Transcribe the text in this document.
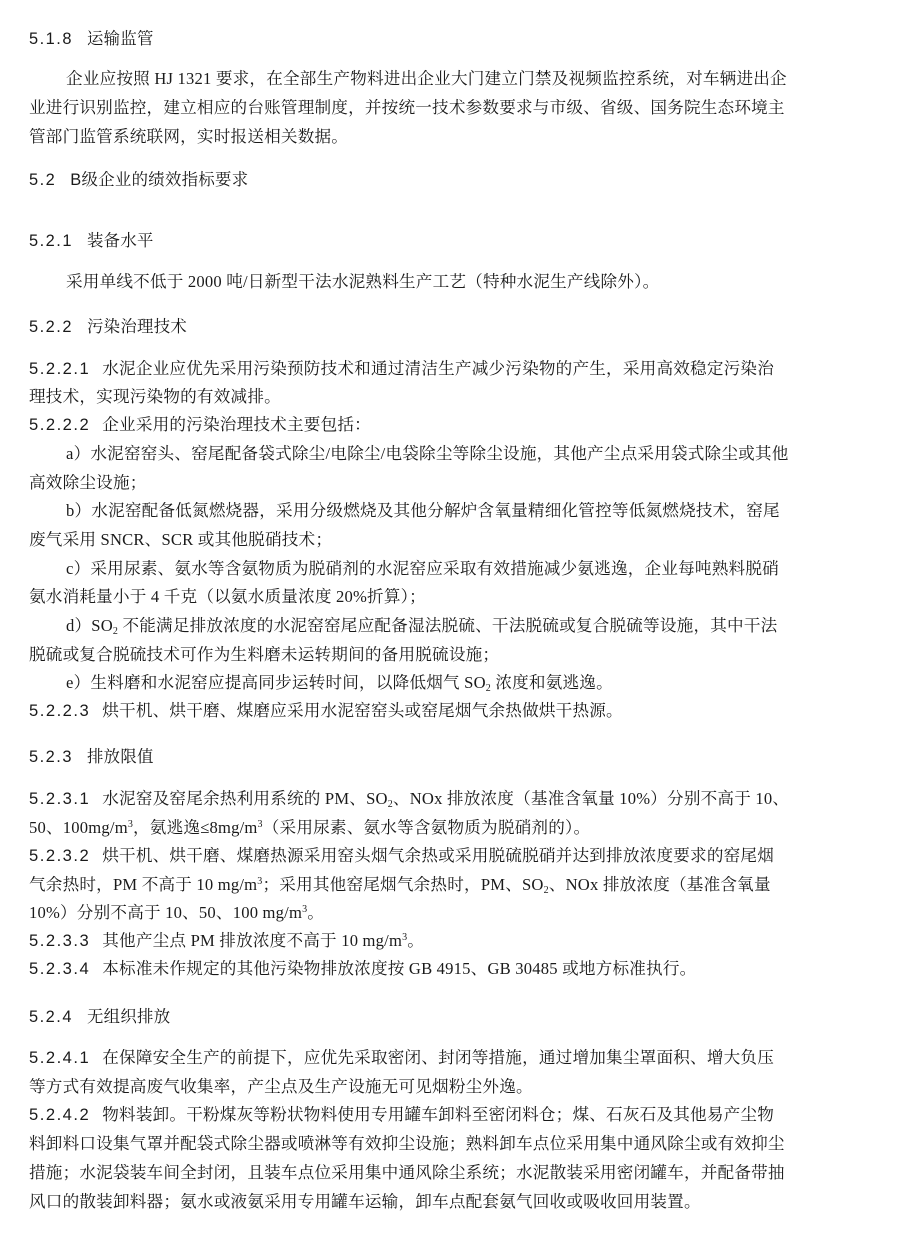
5.1.8 运输监管
企业应按照 HJ 1321 要求，在全部生产物料进出企业大门建立门禁及视频监控系统，对车辆进出企
业进行识别监控，建立相应的台账管理制度，并按统一技术参数要求与市级、省级、国务院生态环境主
管部门监管系统联网，实时报送相关数据。
5.2 B级企业的绩效指标要求
5.2.1 装备水平
采用单线不低于 2000 吨/日新型干法水泥熟料生产工艺（特种水泥生产线除外）。
5.2.2 污染治理技术
5.2.2.1 水泥企业应优先采用污染预防技术和通过清洁生产减少污染物的产生，采用高效稳定污染治
理技术，实现污染物的有效减排。
5.2.2.2 企业采用的污染治理技术主要包括：
a）水泥窑窑头、窑尾配备袋式除尘/电除尘/电袋除尘等除尘设施，其他产尘点采用袋式除尘或其他
高效除尘设施；
b）水泥窑配备低氮燃烧器，采用分级燃烧及其他分解炉含氧量精细化管控等低氮燃烧技术，窑尾
废气采用 SNCR、SCR 或其他脱硝技术；
c）采用尿素、氨水等含氨物质为脱硝剂的水泥窑应采取有效措施减少氨逃逸，企业每吨熟料脱硝
氨水消耗量小于 4 千克（以氨水质量浓度 20%折算）；
$d)SO_2$ 不能满足排放浓度的水泥窑窑尾应配备湿法脱硫、干法脱硫或复合脱硫等设施，其中干法
脱硫或复合脱硫技术可作为生料磨未运转期间的备用脱硫设施；
e）生料磨和水泥窑应提高同步运转时间，以降低烟气 $SO_2$ 浓度和氨逃逸。
5.2.2.3 烘干机、烘干磨、煤磨应采用水泥窑窑头或窑尾烟气余热做烘干热源。
5.2.3 排放限值
5.2.3.1 水泥窑及窑尾余热利用系统的 PM、$SO_2$、NOx 排放浓度（基准含氧量 10%）分别不高于 10、
50、$100mg/m^3$，氨逃逸$\le 8mg/m^3$（采用尿素、氨水等含氨物质为脱硝剂的）。
5.2.3.2 烘干机、烘干磨、煤磨热源采用窑头烟气余热或采用脱硫脱硝并达到排放浓度要求的窑尾烟
气余热时，PM 不高于 10 $mg/m^3$；采用其他窑尾烟气余热时，PM、$SO_2$、NOx 排放浓度（基准含氧量
10%）分别不高于 10、50、100 $mg/m^3$。
5.2.3.3 其他产尘点 PM 排放浓度不高于 10 $mg/m^3$。
5.2.3.4 本标准未作规定的其他污染物排放浓度按 GB 4915、GB 30485 或地方标准执行。
5.2.4 无组织排放
5.2.4.1 在保障安全生产的前提下，应优先采取密闭、封闭等措施，通过增加集尘罩面积、增大负压
等方式有效提高废气收集率，产尘点及生产设施无可见烟粉尘外逸。
5.2.4.2 物料装卸。干粉煤灰等粉状物料使用专用罐车卸料至密闭料仓；煤、石灰石及其他易产尘物
料卸料口设集气罩并配袋式除尘器或喷淋等有效抑尘设施；熟料卸车点位采用集中通风除尘或有效抑尘
措施；水泥袋装车间全封闭，且装车点位采用集中通风除尘系统；水泥散装采用密闭罐车，并配备带抽
风口的散装卸料器；氨水或液氨采用专用罐车运输，卸车点配套氨气回收或吸收回用装置。
